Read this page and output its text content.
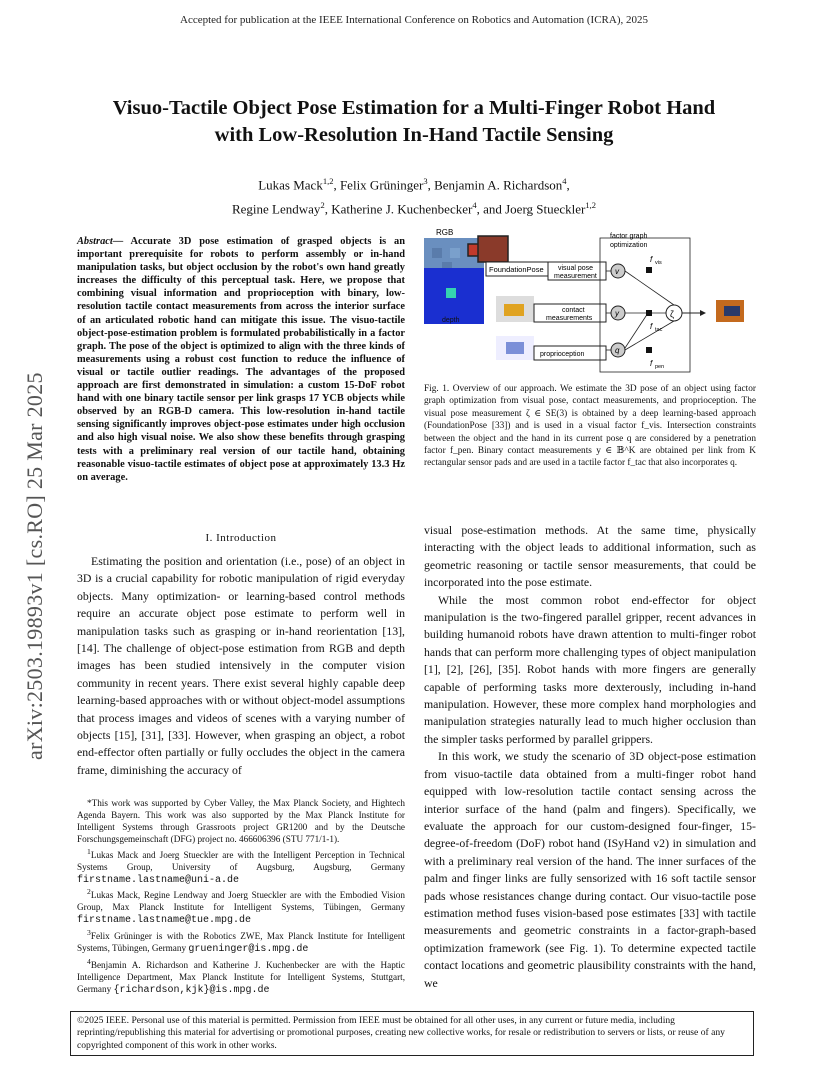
Accepted for publication at the IEEE International Conference on Robotics and Automation (ICRA), 2025
Visuo-Tactile Object Pose Estimation for a Multi-Finger Robot Hand
with Low-Resolution In-Hand Tactile Sensing
Lukas Mack$^{1,2}$, Felix Grüninger$^3$, Benjamin A. Richardson$^4$,
Regine Lendway$^2$, Katherine J. Kuchenbecker$^4$, and Joerg Stueckler$^{1,2}$
arXiv:2503.19893v1 [cs.RO] 25 Mar 2025
Abstract— Accurate 3D pose estimation of grasped objects is an important prerequisite for robots to perform assembly or in-hand manipulation tasks, but object occlusion by the robot's own hand greatly increases the difficulty of this perceptual task. Here, we propose that combining visual information and proprioception with binary, low-resolution tactile contact measurements from across the interior surface of an articulated robotic hand can mitigate this issue. The visuo-tactile object-pose-estimation problem is formulated probabilistically in a factor graph. The pose of the object is optimized to align with the three kinds of measurements using a robust cost function to reduce the influence of visual or tactile outlier readings. The advantages of the proposed approach are first demonstrated in simulation: a custom 15-DoF robot hand with one binary tactile sensor per link grasps 17 YCB objects while observed by an RGB-D camera. This low-resolution in-hand tactile sensing significantly improves object-pose estimates under high occlusion and also high visual noise. We also show these benefits through grasping tests with a preliminary real version of our tactile hand, obtaining reasonable visuo-tactile estimates of object pose at approximately 13.3 Hz on average.
I. Introduction

Estimating the position and orientation (i.e., pose) of an object in 3D is a crucial capability for robotic manipulation of rigid everyday objects. Many optimization- or learning-based control methods require an accurate object pose estimate to perform well in manipulation tasks such as grasping or in-hand reorientation [13], [14]. The challenge of object-pose estimation from RGB and depth images has been studied intensively in the computer vision community in recent years. There exist several highly capable deep learning-based approaches with or without object-model assumptions that process images and videos of scenes with a varying number of objects [15], [31], [33]. However, when grasping an object, a robot end-effector often partially or fully occludes the object in the camera frame, diminishing the accuracy of

*This work was supported by Cyber Valley, the Max Planck Society, and Hightech Agenda Bayern. This work was also supported by the Max Planck Institute for Intelligent Systems through Grassroots project GR1200 and by the Deutsche Forschungsgemeinschaft (DFG) project no. 466606396 (STU 771/1-1).

$^1$Lukas Mack and Joerg Stueckler are with the Intelligent Perception in Technical Systems Group, University of Augsburg, Augsburg, Germany firstname.lastname@uni-a.de

$^2$Lukas Mack, Regine Lendway and Joerg Stueckler are with the Embodied Vision Group, Max Planck Institute for Intelligent Systems, Tübingen, Germany firstname.lastname@tue.mpg.de

$^3$Felix Grüninger is with the Robotics ZWE, Max Planck Institute for Intelligent Systems, Tübingen, Germany grueninger@is.mpg.de

$^4$Benjamin A. Richardson and Katherine J. Kuchenbecker are with the Haptic Intelligence Department, Max Planck Institute for Intelligent Systems, Stuttgart, Germany {richardson,kjk}@is.mpg.de

RGB
depth
FoundationPose visual pose
measurement
contact
measurements
proprioception
factor graph
optimization
v
y
q
ζ
f vis
f tac
f pen
Fig. 1. Overview of our approach. We estimate the 3D pose of an object using factor graph optimization from visual pose, contact measurements, and proprioception. The visual pose measurement ζ ∈ SE(3) is obtained by a deep learning-based approach (FoundationPose [33]) and is used in a visual factor f_vis. Intersection constraints between the object and the hand in its current pose q are considered by a penetration factor f_pen. Binary contact measurements y ∈ 𝔹^K are obtained per link from K rectangular sensor pads and are used in a tactile factor f_tac that also incorporates q.

visual pose-estimation methods. At the same time, physically interacting with the object leads to additional information, such as geometric reasoning or tactile sensor measurements, that could be incorporated into the pose estimate.

While the most common robot end-effector for object manipulation is the two-fingered parallel gripper, recent advances in building humanoid robots have drawn attention to multi-finger robot hands that can perform more challenging types of object manipulation [1], [2], [26], [35]. Robot hands with more fingers are generally capable of performing tasks more dexterously, including in-hand manipulation. However, these more complex hand morphologies and manipulation strategies naturally lead to much higher occlusion than the simpler tasks performed by parallel grippers.

In this work, we study the scenario of 3D object-pose estimation from visuo-tactile data obtained from a multi-finger robot hand equipped with low-resolution tactile contact sensing across the interior surface of the hand (palm and fingers). Specifically, we evaluate the approach for our custom-designed four-finger, 15-degree-of-freedom (DoF) robot hand (ISyHand v2) in simulation and with a preliminary real version of the hand. The inner surfaces of the palm and finger links are fully sensorized with 16 soft tactile sensor pads whose resistances change during contact. Our visuo-tactile pose estimation method fuses vision-based pose estimates [33] with tactile measurements and geometric constraints in a factor-graph-based optimization framework (see Fig. 1). To determine expected tactile contact locations and geometric plausibility constraints with the hand, we

©2025 IEEE. Personal use of this material is permitted. Permission from IEEE must be obtained for all other uses, in any current or future media, including reprinting/republishing this material for advertising or promotional purposes, creating new collective works, for resale or redistribution to servers or lists, or reuse of any copyrighted component of this work in other works.
